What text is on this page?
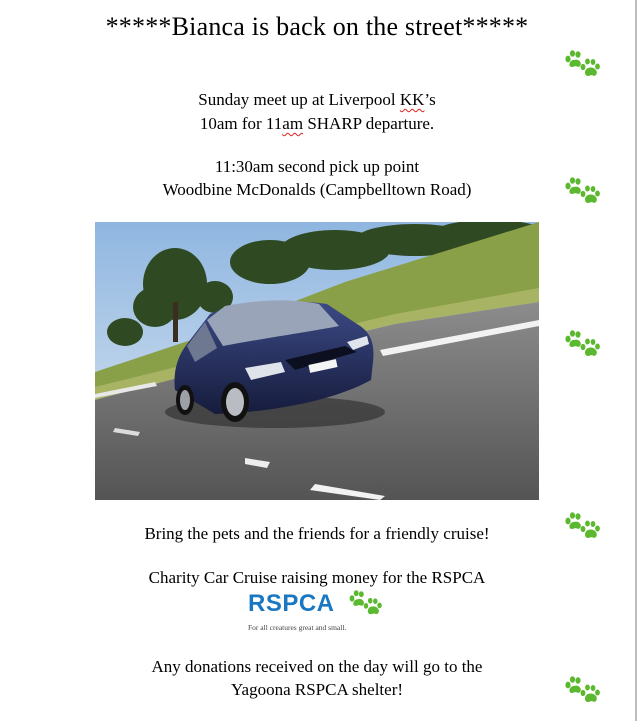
*****Bianca is back on the street*****
Sunday meet up at Liverpool KK’s
10am for 11am SHARP departure.
11:30am second pick up point
Woodbine McDonalds (Campbelltown Road)
Bring the pets and the friends for a friendly cruise!
Charity Car Cruise raising money for the RSPCA
RSPCA
For all creatures great and small.
Any donations received on the day will go to the
Yagoona RSPCA shelter!
